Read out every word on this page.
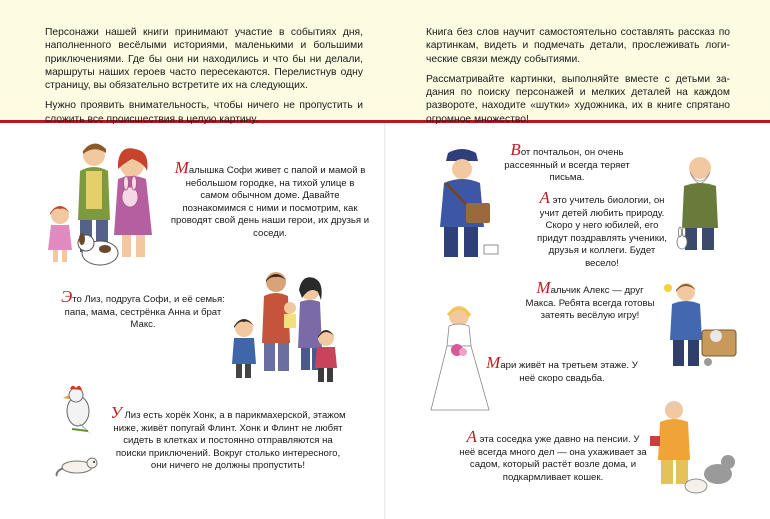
Персонажи нашей книги принимают участие в событиях дня, наполненного весёлыми историями, маленькими и большими приключениями. Где бы они ни находились и что бы ни делали, маршруты наших героев часто пересекаются. Перелистнув одну страницу, вы обязательно встретите их на следующих.

Нужно проявить внимательность, чтобы ничего не пропустить и сложить все происшествия в целую картину.

Книга без слов научит самостоятельно составлять рассказ по картинкам, видеть и подмечать детали, прослеживать логические связи между событиями.

Рассматривайте картинки, выполняйте вместе с детьми задания по поиску персонажей и мелких деталей на каждом развороте, находите «шутки» художника, их в книге спрятано огромное множество!

Малышка Софи живет с папой и мамой в небольшом городке, на тихой улице в самом обычном доме. Давайте познакомимся с ними и посмотрим, как проводят свой день наши герои, их друзья и соседи.
Это Лиз, подруга Софи, и её семья: папа, мама, сестрёнка Анна и брат Макс.
У Лиз есть хорёк Хонк, а в парикмахерской, этажом ниже, живёт попугай Флинт. Хонк и Флинт не любят сидеть в клетках и постоянно отправляются на поиски приключений. Вокруг столько интересного, они ничего не должны пропустить!
Вот почтальон, он очень рассеянный и всегда теряет письма.
А это учитель биологии, он учит детей любить природу. Скоро у него юбилей, его придут поздравлять ученики, друзья и коллеги. Будет весело!
Мальчик Алекс — друг Макса. Ребята всегда готовы затеять весёлую игру!
Мари живёт на третьем этаже. У неё скоро свадьба.
А эта соседка уже давно на пенсии. У неё всегда много дел — она ухаживает за садом, который растёт возле дома, и подкармливает кошек.
